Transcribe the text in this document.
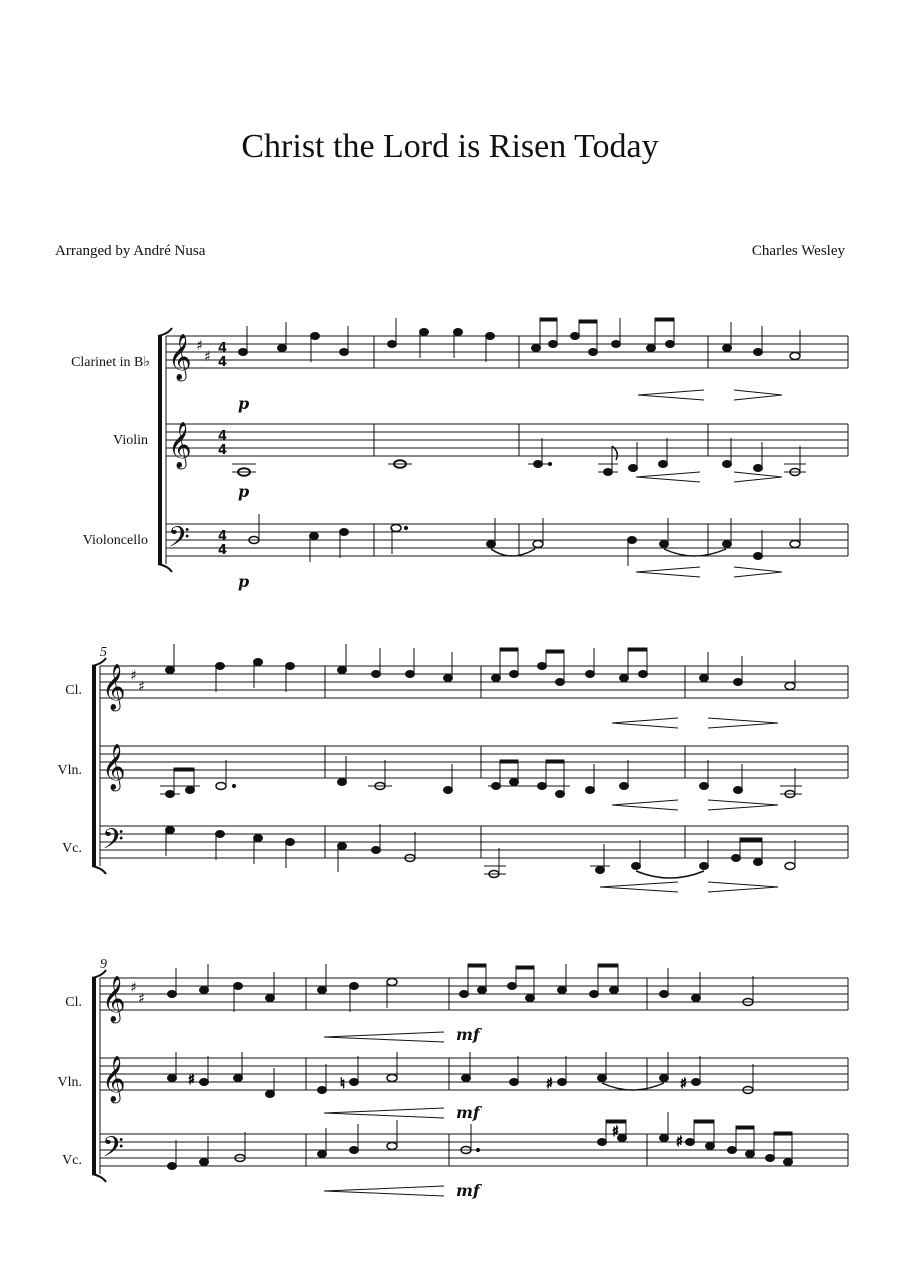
Christ the Lord is Risen Today
Arranged by André Nusa	Charles Wesley
Clarinet in B♭
Violin
Violoncello
𝄞 ♯
♯
4
4
𝄞 4
4
𝄢 4
4
p
p
p
5
Cl.
Vln.
Vc.
𝄞 ♯
♯
𝄞
𝄢
9
Cl.
Vln.
Vc.
𝄞 ♯
♯
𝄞
𝄢
♯	♮	♯	♯
♯
♯
mf
mf
mf
